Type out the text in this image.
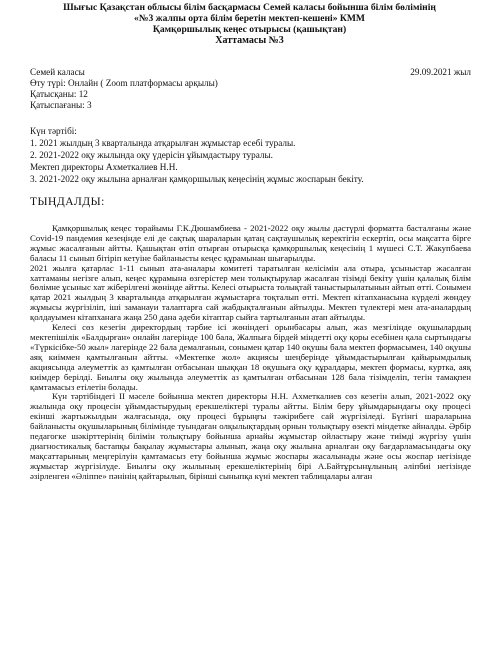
Шығыс Қазақстан облысы білім басқармасы Семей каласы бойынша білім бөлімінің
«№3 жалпы орта білім беретін мектеп-кешені» КММ
Қамқоршылық кеңес отырысы (қашықтан)
Хаттамасы №3
Семей каласы	29.09.2021 жыл
Өту түрі: Онлайн ( Zoom платформасы арқылы)
Қатысқаны: 12
Қатыспағаны: 3
Күн тәртібі:
1. 2021 жылдың 3 кварталында атқарылған жұмыстар есебі туралы.
2. 2021-2022 оқу жылында оқу үдерісін ұйымдастыру туралы.
Мектеп директоры Ахметкалиев Н.Н.
3. 2021-2022 оқу жылына арналған қамқоршылық кеңесінің жұмыс жоспарын бекіту.
ТЫҢДАЛДЫ:

Қамқоршылық кеңес төрайымы Г.К.Дюшамбиева - 2021-2022 оқу жылы дәстүрлі форматта басталғаны және Covid-19 пандемия кезеңінде елі де сақтық шараларын қатаң сақтаушылық керектігін ескертіп, осы мақсатта бірге жұмыс жасалғанын айтты. Қашықтан өтіп отырған отырысқа қамқоршылық кеңесінің 1 мүшесі С.Т. Жакупбаева баласы 11 сынып бітіріп кетуіне байланысты кеңес құрамынан шығарылды.

2021 жылға қатарлас 1-11 сынып ата-аналары комитеті таратылған келісімін ала отыра, ұсыныстар жасалған хаттаманы негізге алып, кеңес құрамына өзгерістер мен толықтырулар жасалған тізімді бекіту үшін қалалық білім бөлімне ұсыныс хат жіберілгені жөнінде айтты. Келесі отырыста толықтай таныстырылатынын айтып өтті. Сонымен қатар 2021 жылдың 3 кварталында атқарылған жұмыстарға тоқталып өтті. Мектеп кітапханасына күрделі жөндеу жұмысы жүргізіліп, іші заманауи талаптарға сай жабдықталғанын айтылды. Мектеп түлектері мен ата-аналардың қолдауымен кітапханаға жаңа 250 дана әдеби кітаптар сыйға тартылғанын атап айтылды.

Келесі сөз кезегін директордың тәрбие ісі жөніндегі орынбасары алып, жаз мезгілінде оқушылардың мектепішілік «Балдырған» онлайн лагерінде 100 бала, Жалпыға бірдей міндетті оқу қоры есебінен қала сыртындағы «Түркісібке-50 жыл» лагерінде 22 бала демалғанын, сонымен қатар 140 оқушы бала мектеп формасымен, 140 оқушы аяқ киіммен қамтылғанын айтты. «Мектепке жол» акциясы шеңберінде ұйымдастырылған қайырымдылық акциясында әлеуметтік аз қамтылған отбасынан шыққан 18 оқушыға оқу құралдары, мектеп формасы, куртка, аяқ киімдер берілді. Биылғы оқу жылында әлеуметтік аз қамтылған отбасынан 128 бала тізімделіп, тегін тамақпен қамтамасыз етілетін болады.

Күн тәртібіндегі ІІ мәселе бойынша мектеп директоры Н.Н. Ахметкалиев сөз кезегін алып, 2021-2022 оқу жылында оқу процесін ұйымдастырудың ерекшеліктері туралы айтты. Білім беру ұйымдарындағы оқу процесі екінші жартыжылдын жалғасында, оқу процесі бұрыңғы тәжірибеге сай жүргізіледі. Бүгінгі шараларына байланысты оқушыларының білімінде туындаған олқылықтардың орнын толықтыру өзекті міндетке айналды. Әрбір педагогке шәкірттерінің білімін толықтыру бойынша арнайы жұмыстар ойластыру және тиімді жүргізу үшін диагностикалық бастапқы бақылау жұмыстары алынып, жаңа оқу жылына арналған оқу бағдарламасындағы оқу мақсаттарының меңгерілуін қамтамасыз ету бойынша жұмыс жоспары жасалынады және осы жоспар негізінде жұмыстар жүргізілуде. Биылғы оқу жылының ерекшеліктерінің бірі А.Байтұрсынұлының әліпбиі негізінде әзірленген «Әліппе» пәнінің қайтарылып, бірінші сыныпқа күні мектеп таблицалары алған
